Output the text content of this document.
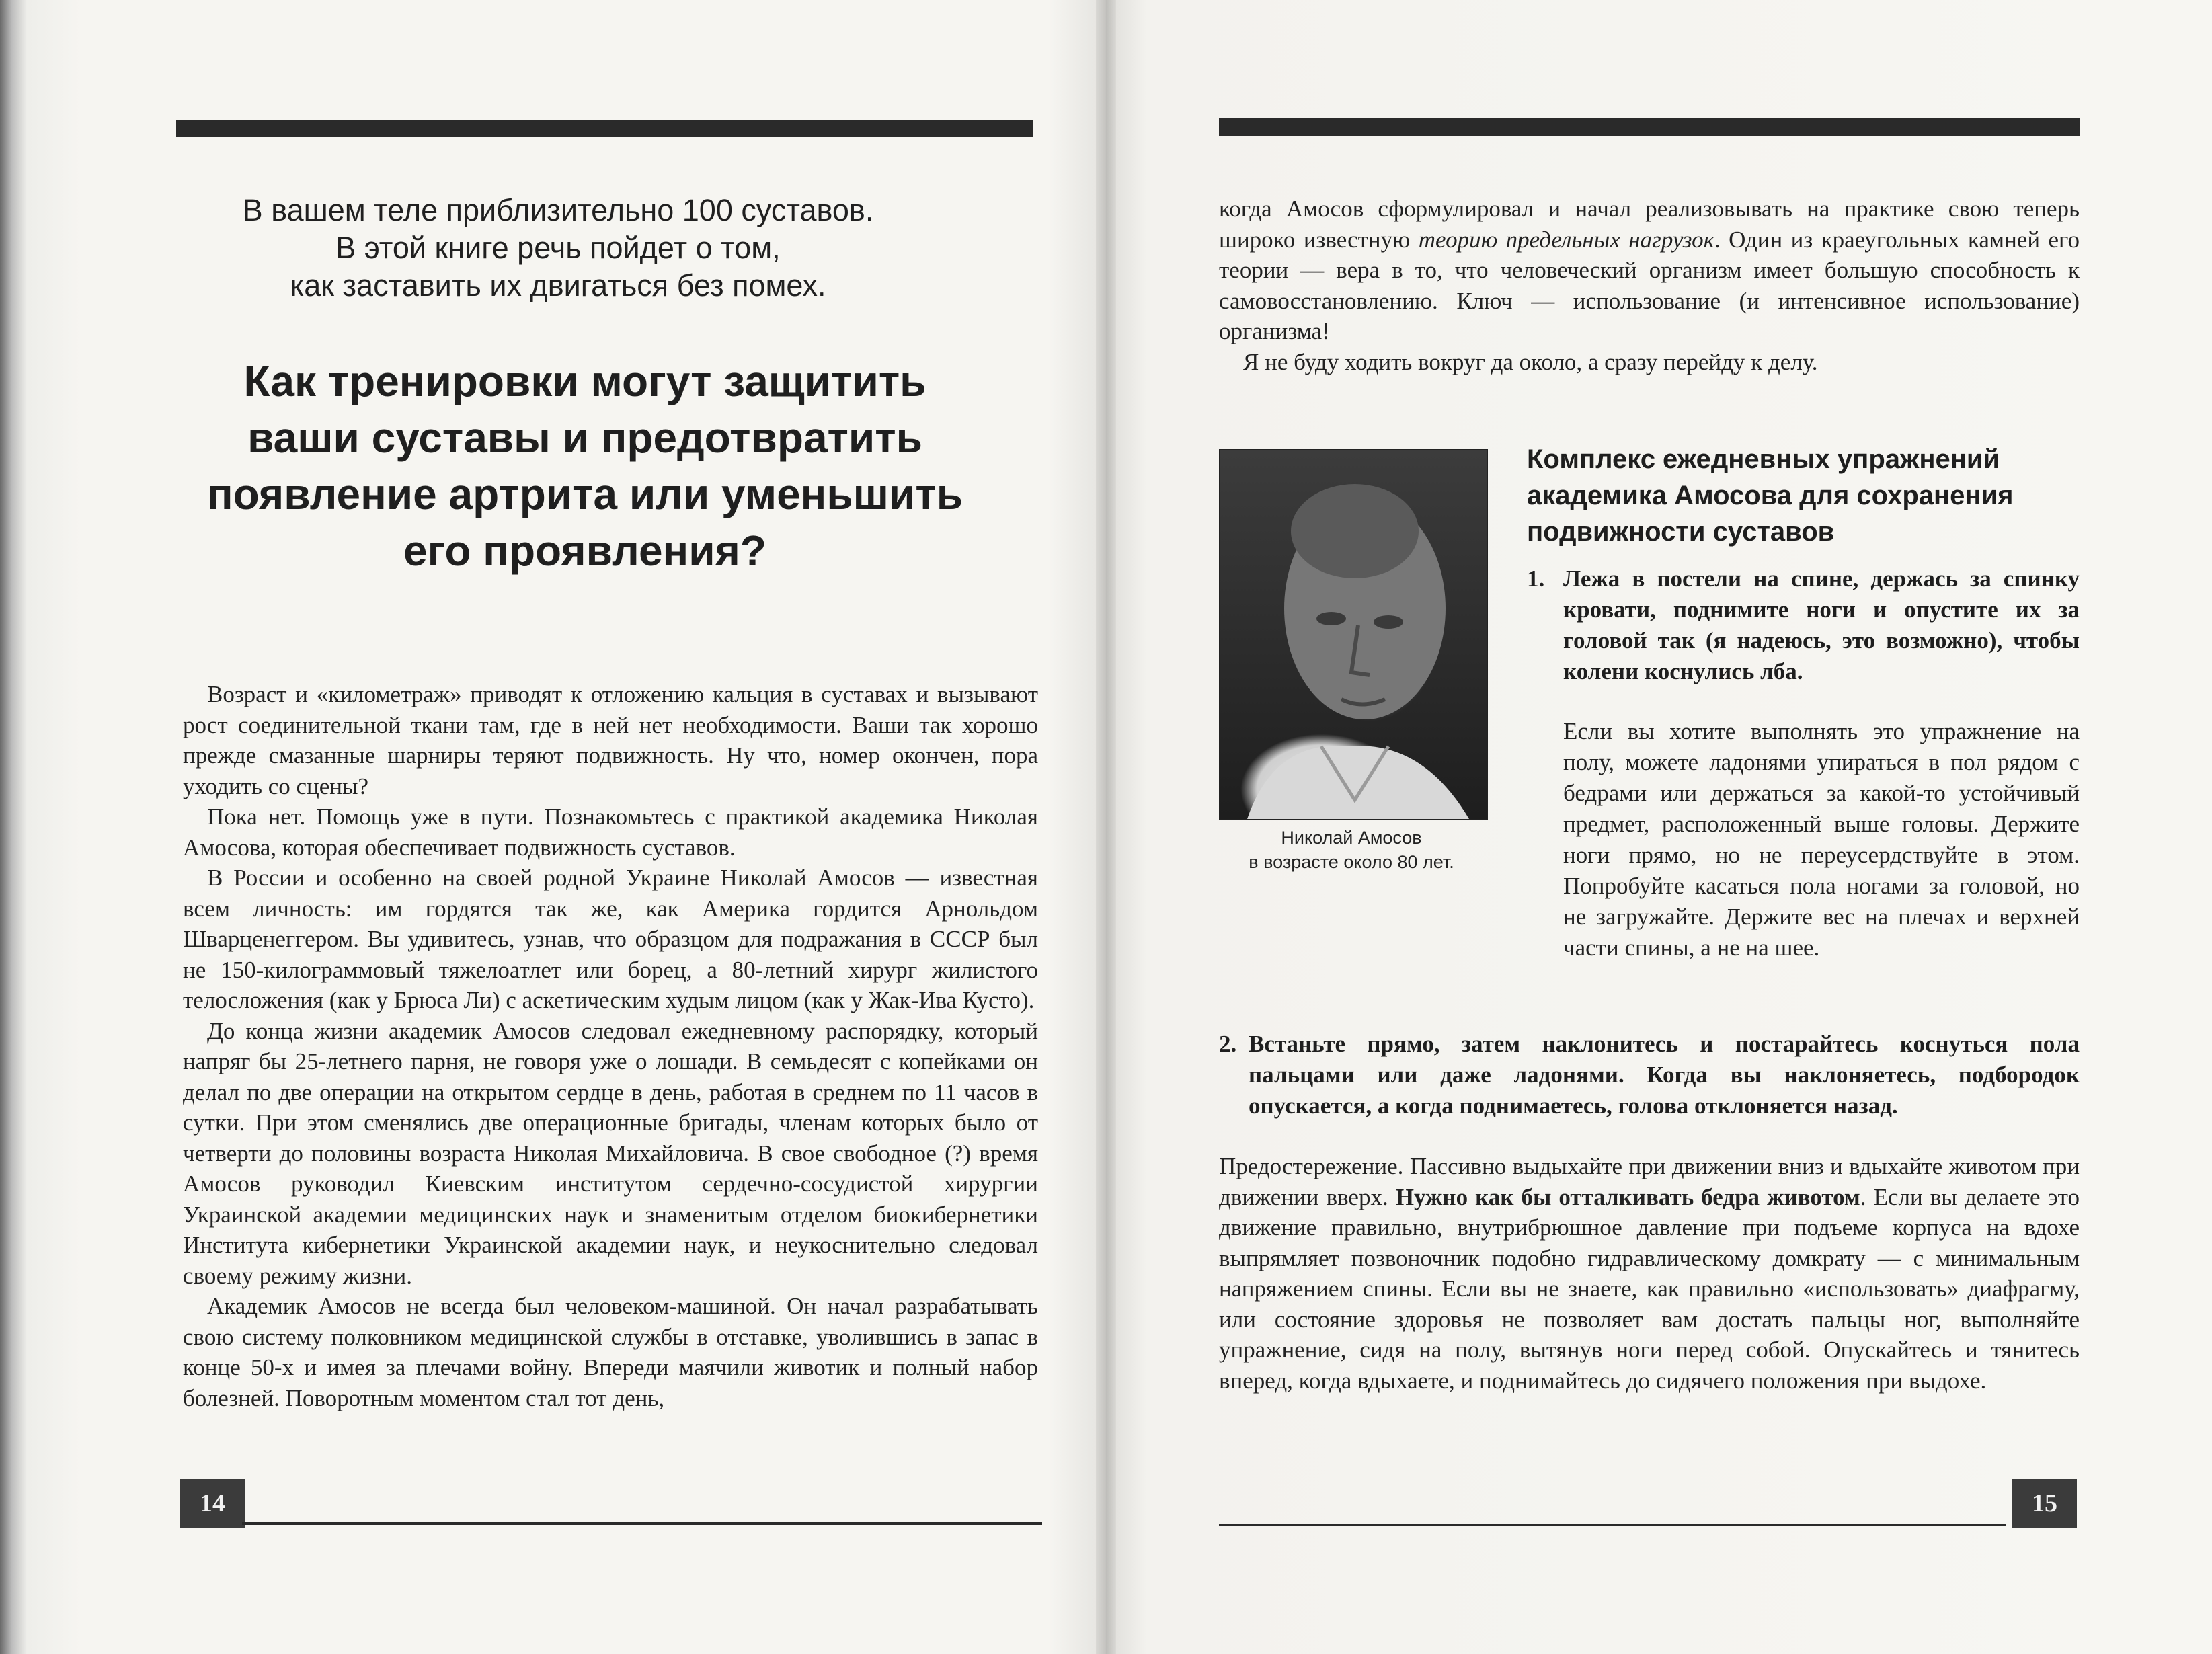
В вашем теле приблизительно 100 суставов.
В этой книге речь пойдет о том,
как заставить их двигаться без помех.
Как тренировки могут защитить
ваши суставы и предотвратить
появление артрита или уменьшить
его проявления?

Возраст и «километраж» приводят к отложению кальция в суставах и вызывают рост соединительной ткани там, где в ней нет необходимости. Ваши так хорошо прежде смазанные шарниры теряют подвижность. Ну что, номер окончен, пора уходить со сцены?

Пока нет. Помощь уже в пути. Познакомьтесь с практикой академика Николая Амосова, которая обеспечивает подвижность суставов.

В России и особенно на своей родной Украине Николай Амосов — известная всем личность: им гордятся так же, как Америка гордится Арнольдом Шварценеггером. Вы удивитесь, узнав, что образцом для подражания в СССР был не 150-килограммовый тяжелоатлет или борец, а 80-летний хирург жилистого телосложения (как у Брюса Ли) с аскетическим худым лицом (как у Жак-Ива Кусто).

До конца жизни академик Амосов следовал ежедневному распорядку, который напряг бы 25-летнего парня, не говоря уже о лошади. В семьдесят с копейками он делал по две операции на открытом сердце в день, работая в среднем по 11 часов в сутки. При этом сменялись две операционные бригады, членам которых было от четверти до половины возраста Николая Михайловича. В свое свободное (?) время Амосов руководил Киевским институтом сердечно-сосудистой хирургии Украинской академии медицинских наук и знаменитым отделом биокибернетики Института кибернетики Украинской академии наук, и неукоснительно следовал своему режиму жизни.

Академик Амосов не всегда был человеком-машиной. Он начал разрабатывать свою систему полковником медицинской службы в отставке, уволившись в запас в конце 50-х и имея за плечами войну. Впереди маячили животик и полный набор болезней. Поворотным моментом стал тот день,

14

когда Амосов сформулировал и начал реализовывать на практике свою теперь широко известную теорию предельных нагрузок. Один из краеугольных камней его теории — вера в то, что человеческий организм имеет большую способность к самовосстановлению. Ключ — использование (и интенсивное использование) организма!

Я не буду ходить вокруг да около, а сразу перейду к делу.

Николай Амосов
в возрасте около 80 лет.
Комплекс ежедневных упражнений
академика Амосова для сохранения
подвижности суставов
1. Лежа в постели на спине, держась за спинку кровати, поднимите ноги и опустите их за головой так (я надеюсь, это возможно), чтобы колени коснулись лба.
Если вы хотите выполнять это упражнение на полу, можете ладонями упираться в пол рядом с бедрами или держаться за какой-то устойчивый предмет, расположенный выше головы. Держите ноги прямо, но не переусердствуйте в этом. Попробуйте касаться пола ногами за головой, но не загружайте. Держите вес на плечах и верхней части спины, а не на шее.
2. Встаньте прямо, затем наклонитесь и постарайтесь коснуться пола пальцами или даже ладонями. Когда вы наклоняетесь, подбородок опускается, а когда поднимаетесь, голова отклоняется назад.
Предостережение. Пассивно выдыхайте при движении вниз и вдыхайте животом при движении вверх. Нужно как бы отталкивать бедра животом. Если вы делаете это движение правильно, внутрибрюшное давление при подъеме корпуса на вдохе выпрямляет позвоночник подобно гидравлическому домкрату — с минимальным напряжением спины. Если вы не знаете, как правильно «использовать» диафрагму, или состояние здоровья не позволяет вам достать пальцы ног, выполняйте упражнение, сидя на полу, вытянув ноги перед собой. Опускайтесь и тянитесь вперед, когда вдыхаете, и поднимайтесь до сидячего положения при выдохе.
15
